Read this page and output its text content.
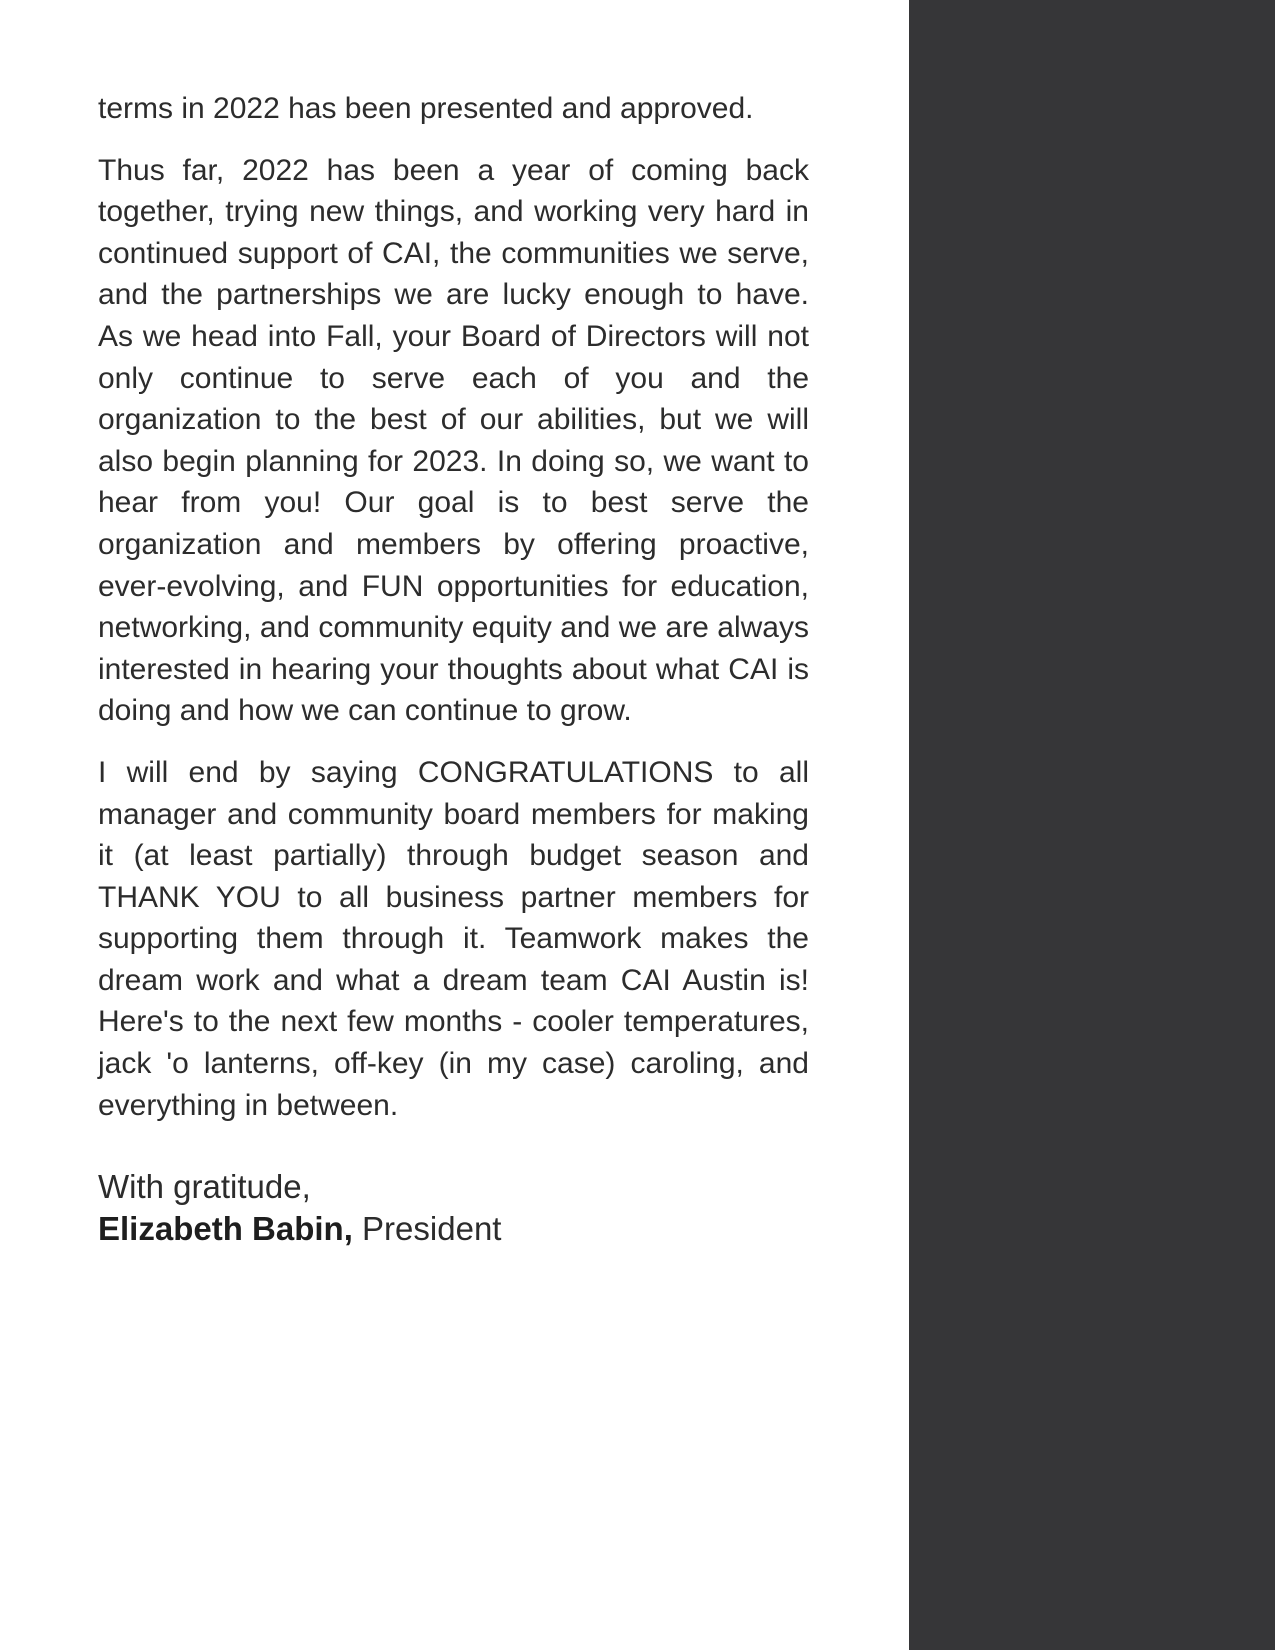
terms in 2022 has been presented and approved.

Thus far, 2022 has been a year of coming back together, trying new things, and working very hard in continued support of CAI, the communities we serve, and the partnerships we are lucky enough to have. As we head into Fall, your Board of Directors will not only continue to serve each of you and the organization to the best of our abilities, but we will also begin planning for 2023. In doing so, we want to hear from you! Our goal is to best serve the organization and members by offering proactive, ever-evolving, and FUN opportunities for education, networking, and community equity and we are always interested in hearing your thoughts about what CAI is doing and how we can continue to grow.

I will end by saying CONGRATULATIONS to all manager and community board members for making it (at least partially) through budget season and THANK YOU to all business partner members for supporting them through it. Teamwork makes the dream work and what a dream team CAI Austin is! Here's to the next few months - cooler temperatures, jack 'o lanterns, off-key (in my case) caroling, and everything in between.

With gratitude,
Elizabeth Babin, President
